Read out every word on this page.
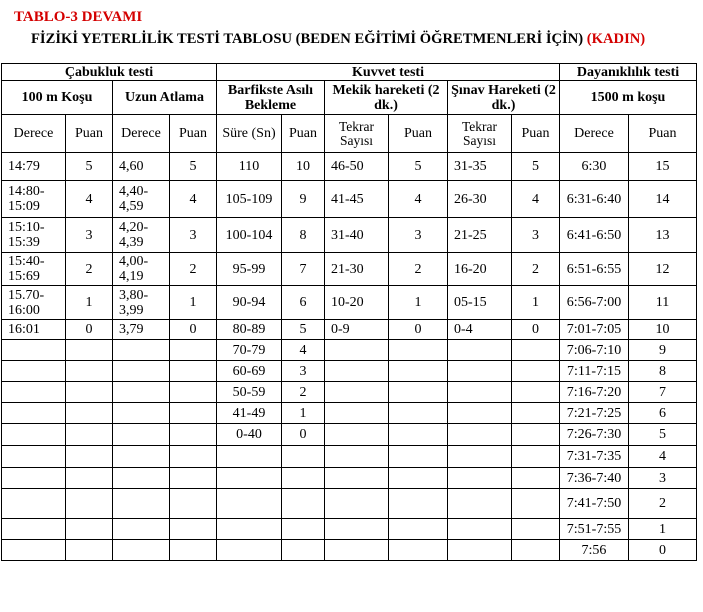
TABLO-3 DEVAMI
FİZİKİ YETERLİLİK TESTİ TABLOSU (BEDEN EĞİTİMİ ÖĞRETMENLERİ İÇİN) (KADIN)
Çabukluk testi				Kuvvet testi						Dayanıklılık testi	
100 m Koşu		Uzun Atlama		Barfikste Asılı Bekleme		Mekik hareketi (2 dk.)		Şınav Hareketi (2 dk.)		1500 m koşu	
Derece	Puan	Derece	Puan	Süre (Sn)	Puan	Tekrar Sayısı	Puan	Tekrar Sayısı	Puan	Derece	Puan
14:79	5	4,60	5	110	10	46-50	5	31-35	5	6:30	15
14:80-15:09	4	4,40-4,59	4	105-109	9	41-45	4	26-30	4	6:31-6:40	14
15:10-15:39	3	4,20-4,39	3	100-104	8	31-40	3	21-25	3	6:41-6:50	13
15:40-15:69	2	4,00-4,19	2	95-99	7	21-30	2	16-20	2	6:51-6:55	12
15.70-16:00	1	3,80-3,99	1	90-94	6	10-20	1	05-15	1	6:56-7:00	11
16:01	0	3,79	0	80-89	5	0-9	0	0-4	0	7:01-7:05	10
				70-79	4					7:06-7:10	9
				60-69	3					7:11-7:15	8
				50-59	2					7:16-7:20	7
				41-49	1					7:21-7:25	6
				0-40	0					7:26-7:30	5
										7:31-7:35	4
										7:36-7:40	3
										7:41-7:50	2
										7:51-7:55	1
										7:56	0
